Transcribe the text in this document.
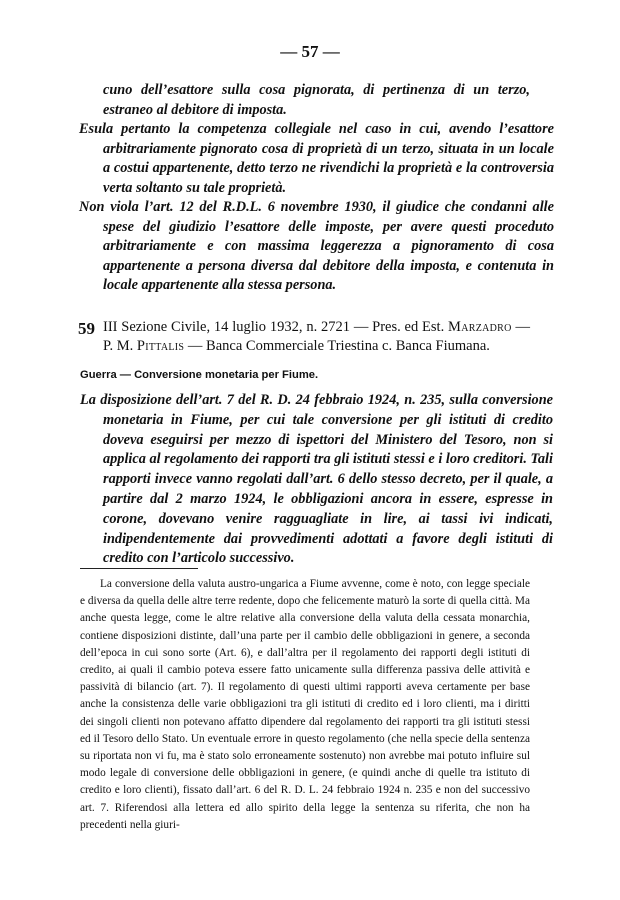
— 57 —
cuno dell’esattore sulla cosa pignorata, di pertinenza di un terzo, estraneo al debitore di imposta.
Esula pertanto la competenza collegiale nel caso in cui, avendo l’esattore arbitrariamente pignorato cosa di proprietà di un terzo, situata in un locale a costui appartenente, detto terzo ne rivendichi la proprietà e la controversia verta soltanto su tale proprietà.
Non viola l’art. 12 del R.D.L. 6 novembre 1930, il giudice che condanni alle spese del giudizio l’esattore delle imposte, per avere questi proceduto arbitrariamente e con massima leggerezza a pignoramento di cosa appartenente a persona diversa dal debitore della imposta, e contenuta in locale appartenente alla stessa persona.
59 III Sezione Civile, 14 luglio 1932, n. 2721 — Pres. ed Est. Marzadro — P. M. Pittalis — Banca Commerciale Triestina c. Banca Fiumana.
Guerra — Conversione monetaria per Fiume.
La disposizione dell’art. 7 del R. D. 24 febbraio 1924, n. 235, sulla conversione monetaria in Fiume, per cui tale conversione per gli istituti di credito doveva eseguirsi per mezzo di ispettori del Ministero del Tesoro, non si applica al regolamento dei rapporti tra gli istituti stessi e i loro creditori. Tali rapporti invece vanno regolati dall’art. 6 dello stesso decreto, per il quale, a partire dal 2 marzo 1924, le obbligazioni ancora in essere, espresse in corone, dovevano venire ragguagliate in lire, ai tassi ivi indicati, indipendentemente dai provvedimenti adottati a favore degli istituti di credito con l’articolo successivo.
La conversione della valuta austro-ungarica a Fiume avvenne, come è noto, con legge speciale e diversa da quella delle altre terre redente, dopo che felicemente maturò la sorte di quella città. Ma anche questa legge, come le altre relative alla conversione della valuta della cessata monarchia, contiene disposizioni distinte, dall’una parte per il cambio delle obbligazioni in genere, a seconda dell’epoca in cui sono sorte (Art. 6), e dall’altra per il regolamento dei rapporti degli istituti di credito, ai quali il cambio poteva essere fatto unicamente sulla differenza passiva delle attività e passività di bilancio (art. 7). Il regolamento di questi ultimi rapporti aveva certamente per base anche la consistenza delle varie obbligazioni tra gli istituti di credito ed i loro clienti, ma i diritti dei singoli clienti non potevano affatto dipendere dal regolamento dei rapporti tra gli istituti stessi ed il Tesoro dello Stato. Un eventuale errore in questo regolamento (che nella specie della sentenza su riportata non vi fu, ma è stato solo erroneamente sostenuto) non avrebbe mai potuto influire sul modo legale di conversione delle obbligazioni in genere, (e quindi anche di quelle tra istituto di credito e loro clienti), fissato dall’art. 6 del R. D. L. 24 febbraio 1924 n. 235 e non del successivo art. 7. Riferendosi alla lettera ed allo spirito della legge la sentenza su riferita, che non ha precedenti nella giuri-
